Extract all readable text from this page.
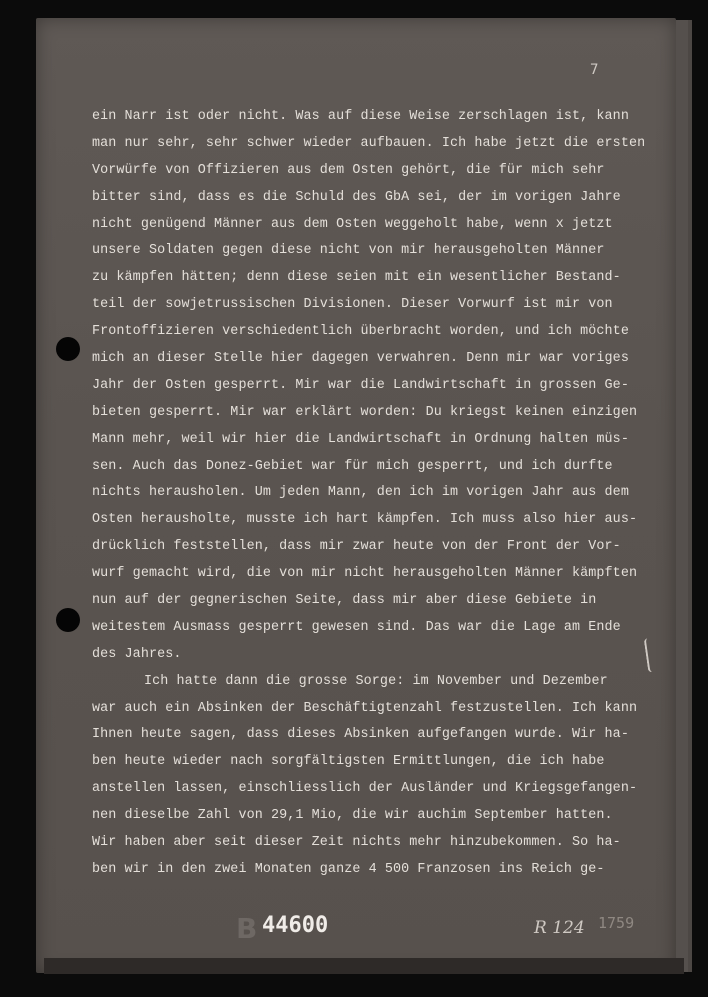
7
ein Narr ist oder nicht. Was auf diese Weise zerschlagen ist, kann
man nur sehr, sehr schwer wieder aufbauen. Ich habe jetzt die ersten
Vorwürfe von Offizieren aus dem Osten gehört, die für mich sehr
bitter sind, dass es die Schuld des GbA sei, der im vorigen Jahre
nicht genügend Männer aus dem Osten weggeholt habe, wenn x jetzt
unsere Soldaten gegen diese nicht von mir herausgeholten Männer
zu kämpfen hätten; denn diese seien mit ein wesentlicher Bestand-
teil der sowjetrussischen Divisionen. Dieser Vorwurf ist mir von
Frontoffizieren verschiedentlich überbracht worden, und ich möchte
mich an dieser Stelle hier dagegen verwahren. Denn mir war voriges
Jahr der Osten gesperrt. Mir war die Landwirtschaft in grossen Ge-
bieten gesperrt. Mir war erklärt worden: Du kriegst keinen einzigen
Mann mehr, weil wir hier die Landwirtschaft in Ordnung halten müs-
sen. Auch das Donez-Gebiet war für mich gesperrt, und ich durfte
nichts herausholen. Um jeden Mann, den ich im vorigen Jahr aus dem
Osten herausholte, musste ich hart kämpfen. Ich muss also hier aus-
drücklich feststellen, dass mir zwar heute von der Front der Vor-
wurf gemacht wird, die von mir nicht herausgeholten Männer kämpften
nun auf der gegnerischen Seite, dass mir aber diese Gebiete in
weitestem Ausmass gesperrt gewesen sind. Das war die Lage am Ende
des Jahres.
Ich hatte dann die grosse Sorge: im November und Dezember
war auch ein Absinken der Beschäftigtenzahl festzustellen. Ich kann
Ihnen heute sagen, dass dieses Absinken aufgefangen wurde. Wir ha-
ben heute wieder nach sorgfältigsten Ermittlungen, die ich habe
anstellen lassen, einschliesslich der Ausländer und Kriegsgefangen-
nen dieselbe Zahl von 29,1 Mio, die wir auchim September hatten.
Wir haben aber seit dieser Zeit nichts mehr hinzubekommen. So ha-
ben wir in den zwei Monaten ganze 4 500 Franzosen ins Reich ge-
B 44600	R 124 1759
